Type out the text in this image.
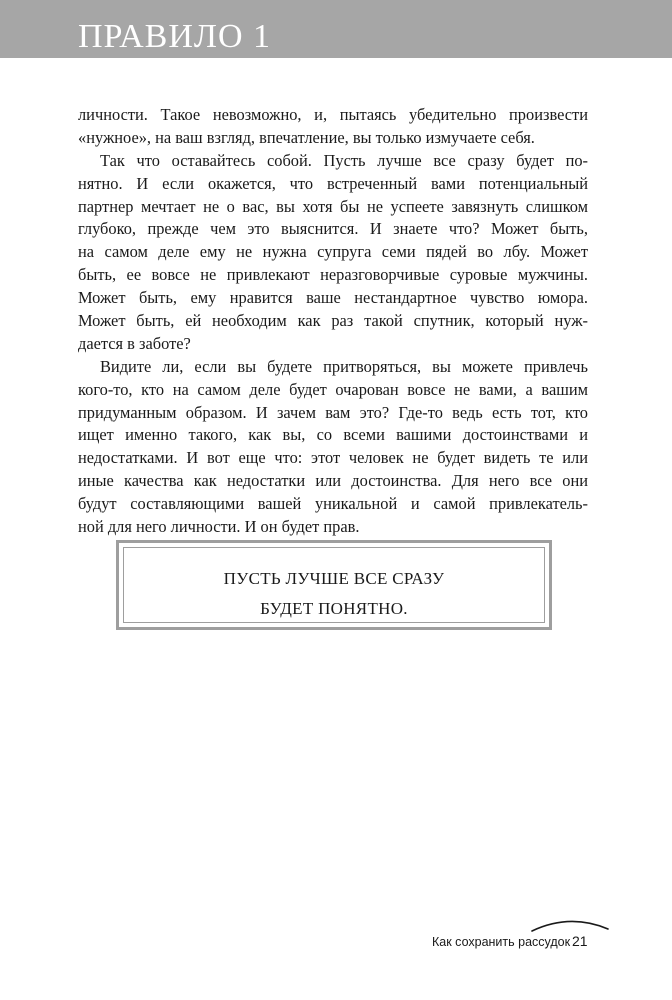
ПРАВИЛО 1
личности. Такое невозможно, и, пытаясь убедительно произвести
«нужное», на ваш взгляд, впечатление, вы только измучаете себя.
Так что оставайтесь собой. Пусть лучше все сразу будет по-
нятно. И если окажется, что встреченный вами потенциальный
партнер мечтает не о вас, вы хотя бы не успеете завязнуть слишком
глубоко, прежде чем это выяснится. И знаете что? Может быть,
на самом деле ему не нужна супруга семи пядей во лбу. Может
быть, ее вовсе не привлекают неразговорчивые суровые мужчины.
Может быть, ему нравится ваше нестандартное чувство юмора.
Может быть, ей необходим как раз такой спутник, который нуж-
дается в заботе?
Видите ли, если вы будете притворяться, вы можете привлечь
кого-то, кто на самом деле будет очарован вовсе не вами, а вашим
придуманным образом. И зачем вам это? Где-то ведь есть тот, кто
ищет именно такого, как вы, со всеми вашими достоинствами и
недостатками. И вот еще что: этот человек не будет видеть те или
иные качества как недостатки или достоинства. Для него все они
будут составляющими вашей уникальной и самой привлекатель-
ной для него личности. И он будет прав.
ПУСТЬ ЛУЧШЕ ВСЕ СРАЗУ
БУДЕТ ПОНЯТНО.
Как сохранить рассудок 21
